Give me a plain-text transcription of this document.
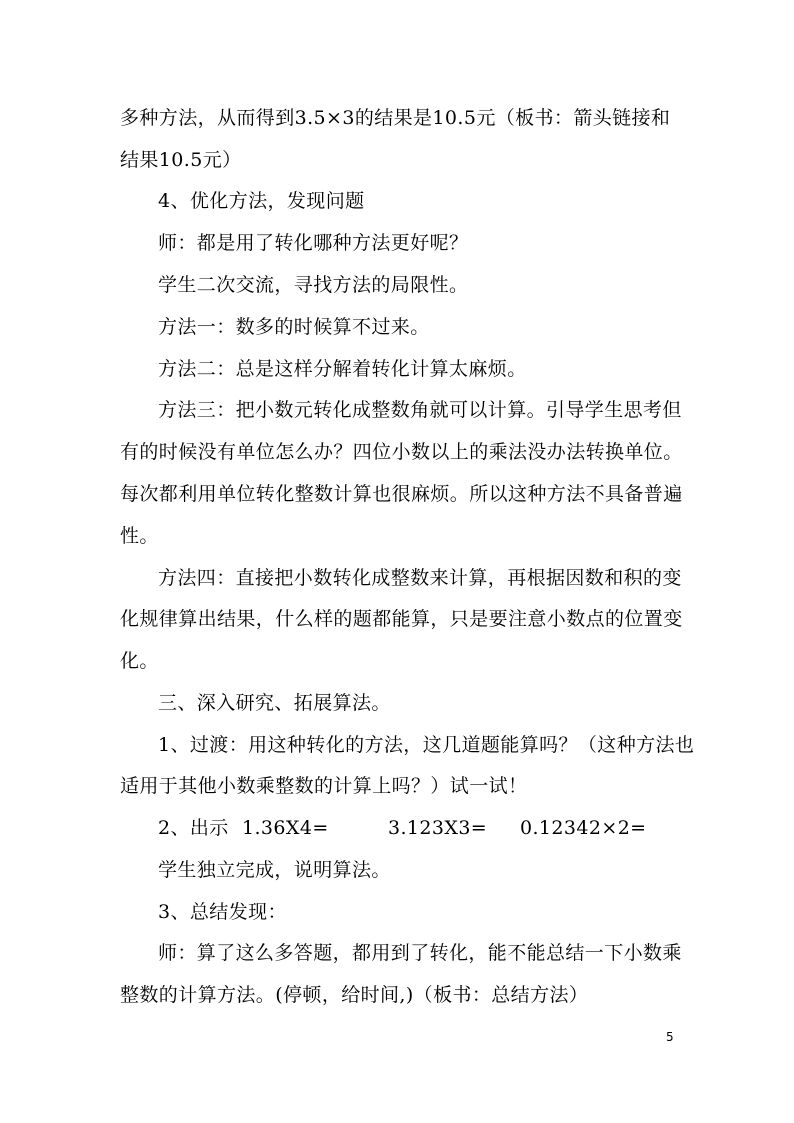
多种方法，从而得到3.5×3的结果是10.5元（板书：箭头链接和
结果10.5元）
4、优化方法，发现问题
师：都是用了转化哪种方法更好呢？
学生二次交流，寻找方法的局限性。
方法一：数多的时候算不过来。
方法二：总是这样分解着转化计算太麻烦。
方法三：把小数元转化成整数角就可以计算。引导学生思考但
有的时候没有单位怎么办？四位小数以上的乘法没办法转换单位。
每次都利用单位转化整数计算也很麻烦。所以这种方法不具备普遍
性。
方法四：直接把小数转化成整数来计算，再根据因数和积的变
化规律算出结果，什么样的题都能算，只是要注意小数点的位置变
化。
三、深入研究、拓展算法。
1、过渡：用这种转化的方法，这几道题能算吗？（这种方法也
适用于其他小数乘整数的计算上吗？）试一试！
2、出示 1.36X4=	3.123X3= 0.12342×2=
学生独立完成，说明算法。
3、总结发现：
师：算了这么多答题，都用到了转化，能不能总结一下小数乘
整数的计算方法。(停顿，给时间,)（板书：总结方法）
5
